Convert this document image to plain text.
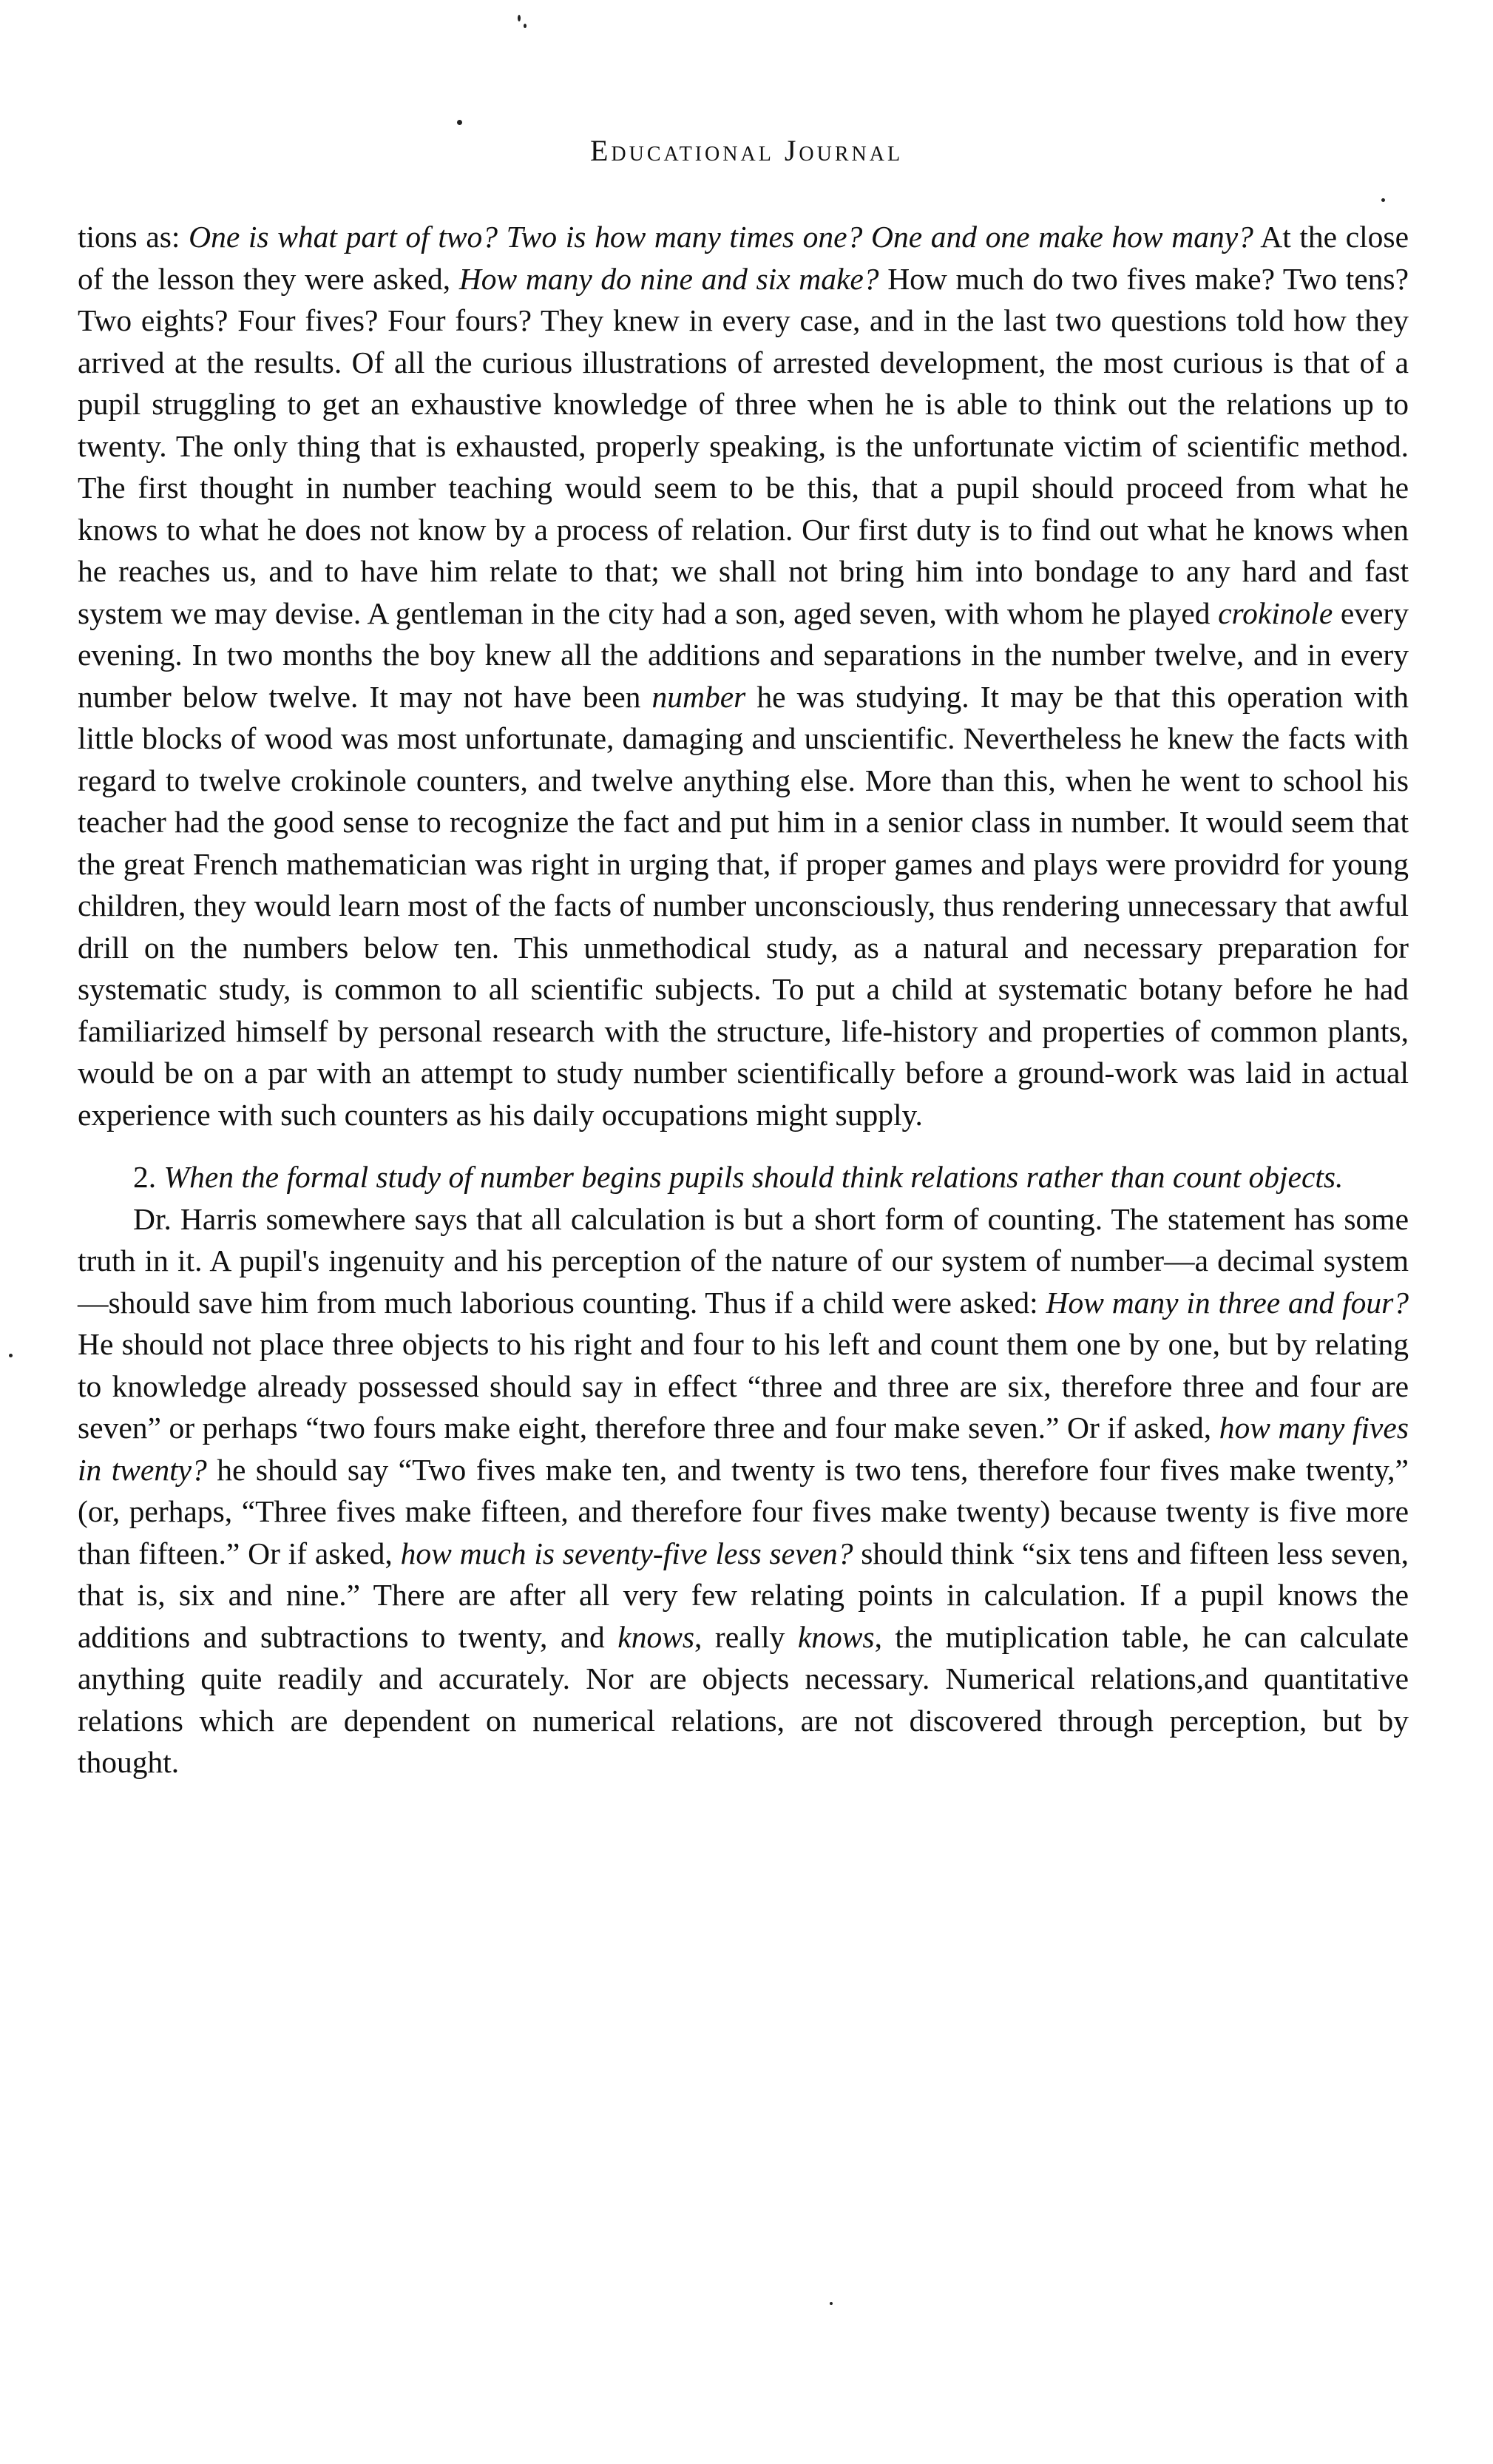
Educational Journal

tions as: One is what part of two? Two is how many times one? One and one make how many? At the close of the lesson they were asked, How many do nine and six make? How much do two fives make? Two tens? Two eights? Four fives? Four fours? They knew in every case, and in the last two questions told how they arrived at the results. Of all the curious illustrations of arrested development, the most curious is that of a pupil struggling to get an exhaustive knowledge of three when he is able to think out the relations up to twenty. The only thing that is exhausted, properly speaking, is the unfortunate victim of scientific method. The first thought in number teaching would seem to be this, that a pupil should proceed from what he knows to what he does not know by a process of relation. Our first duty is to find out what he knows when he reaches us, and to have him relate to that; we shall not bring him into bondage to any hard and fast system we may devise. A gentleman in the city had a son, aged seven, with whom he played crokinole every evening. In two months the boy knew all the additions and separations in the number twelve, and in every number below twelve. It may not have been number he was studying. It may be that this operation with little blocks of wood was most unfortunate, damaging and unscientific. Nevertheless he knew the facts with regard to twelve crokinole counters, and twelve anything else. More than this, when he went to school his teacher had the good sense to recognize the fact and put him in a senior class in number. It would seem that the great French mathematician was right in urging that, if proper games and plays were providrd for young children, they would learn most of the facts of number unconsciously, thus rendering unnecessary that awful drill on the numbers below ten. This unmethodical study, as a natural and necessary preparation for systematic study, is common to all scientific subjects. To put a child at systematic botany before he had familiarized himself by personal research with the structure, life-history and properties of common plants, would be on a par with an attempt to study number scientifically before a ground-work was laid in actual experience with such counters as his daily occupations might supply.

2. When the formal study of number begins pupils should think relations rather than count objects.

Dr. Harris somewhere says that all calculation is but a short form of counting. The statement has some truth in it. A pupil's ingenuity and his perception of the nature of our system of number—a decimal system—should save him from much laborious counting. Thus if a child were asked: How many in three and four? He should not place three objects to his right and four to his left and count them one by one, but by relating to knowledge already possessed should say in effect “three and three are six, therefore three and four are seven” or perhaps “two fours make eight, therefore three and four make seven.” Or if asked, how many fives in twenty? he should say “Two fives make ten, and twenty is two tens, therefore four fives make twenty,” (or, perhaps, “Three fives make fifteen, and therefore four fives make twenty) because twenty is five more than fifteen.” Or if asked, how much is seventy-five less seven? should think “six tens and fifteen less seven, that is, six and nine.” There are after all very few relating points in calculation. If a pupil knows the additions and subtractions to twenty, and knows, really knows, the mutiplication table, he can calculate anything quite readily and accurately. Nor are objects necessary. Numerical relations,and quantitative relations which are dependent on numerical relations, are not discovered through perception, but by thought.
